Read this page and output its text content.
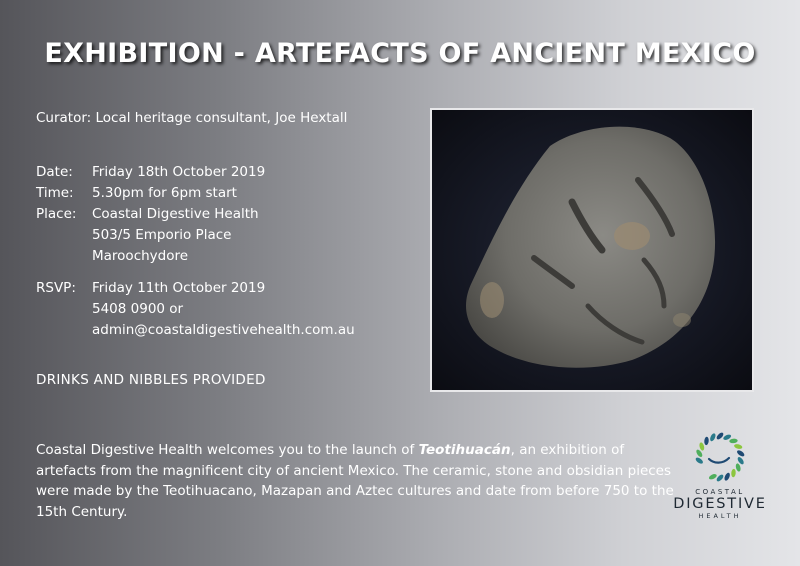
EXHIBITION - ARTEFACTS OF ANCIENT MEXICO
Curator: Local heritage consultant, Joe Hextall
Date:	Friday 18th October 2019
Time:	5.30pm for 6pm start
Place:	Coastal Digestive Health
503/5 Emporio Place
Maroochydore
RSVP:	Friday 11th October 2019
5408 0900 or
admin@coastaldigestivehealth.com.au
DRINKS AND NIBBLES PROVIDED
Coastal Digestive Health welcomes you to the launch of Teotihuacán, an exhibition of artefacts from the magnificent city of ancient Mexico. The ceramic, stone and obsidian pieces were made by the Teotihuacano, Mazapan and Aztec cultures and date from before 750 to the 15th Century.
COASTAL
DIGESTIVE
HEALTH
